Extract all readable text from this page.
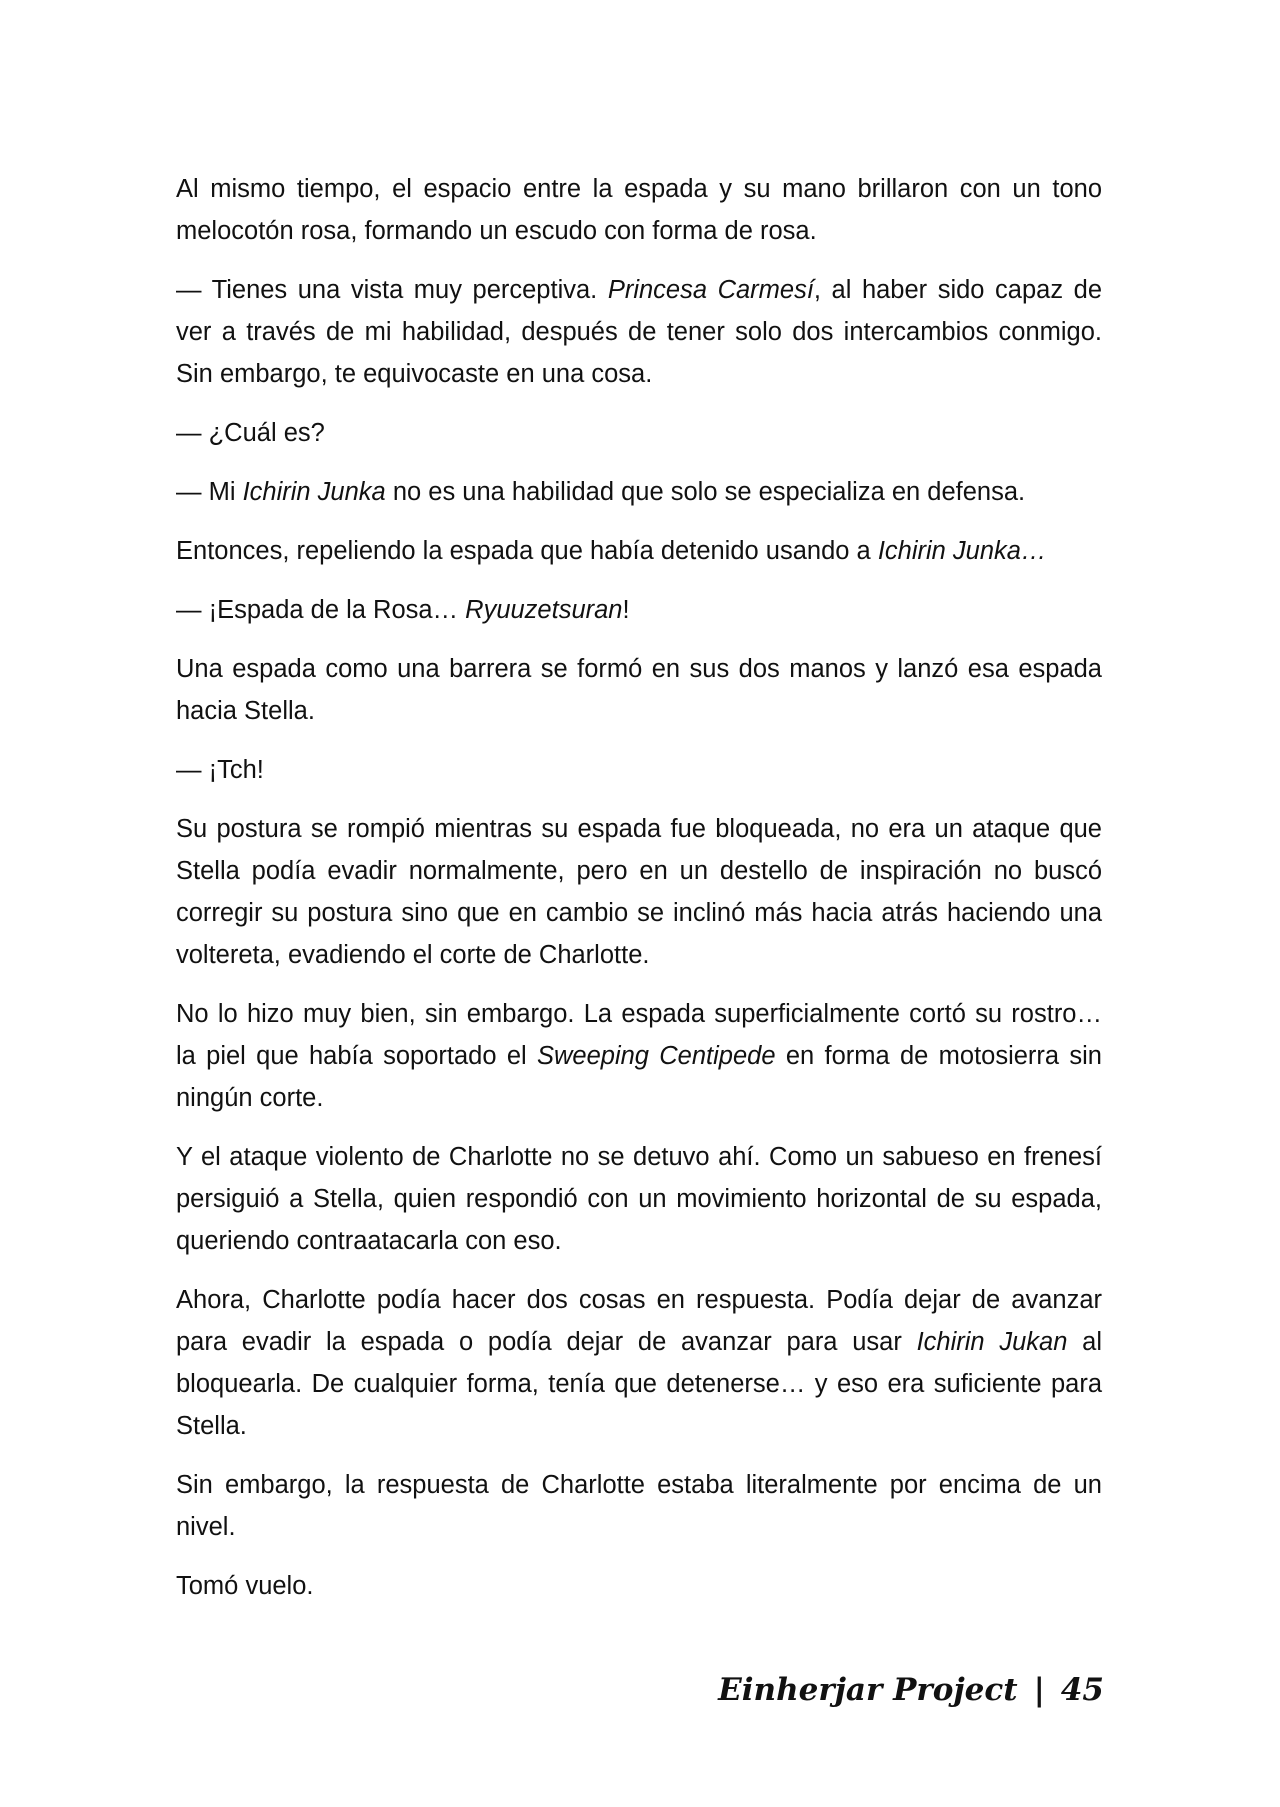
Al mismo tiempo, el espacio entre la espada y su mano brillaron con un tono melocotón rosa, formando un escudo con forma de rosa.

— Tienes una vista muy perceptiva. Princesa Carmesí, al haber sido capaz de ver a través de mi habilidad, después de tener solo dos intercambios conmigo. Sin embargo, te equivocaste en una cosa.

— ¿Cuál es?

— Mi Ichirin Junka no es una habilidad que solo se especializa en defensa.

Entonces, repeliendo la espada que había detenido usando a Ichirin Junka…

— ¡Espada de la Rosa… Ryuuzetsuran!

Una espada como una barrera se formó en sus dos manos y lanzó esa espada hacia Stella.

— ¡Tch!

Su postura se rompió mientras su espada fue bloqueada, no era un ataque que Stella podía evadir normalmente, pero en un destello de inspiración no buscó corregir su postura sino que en cambio se inclinó más hacia atrás haciendo una voltereta, evadiendo el corte de Charlotte.

No lo hizo muy bien, sin embargo. La espada superficialmente cortó su rostro… la piel que había soportado el Sweeping Centipede en forma de motosierra sin ningún corte.

Y el ataque violento de Charlotte no se detuvo ahí. Como un sabueso en frenesí persiguió a Stella, quien respondió con un movimiento horizontal de su espada, queriendo contraatacarla con eso.

Ahora, Charlotte podía hacer dos cosas en respuesta. Podía dejar de avanzar para evadir la espada o podía dejar de avanzar para usar Ichirin Jukan al bloquearla. De cualquier forma, tenía que detenerse… y eso era suficiente para Stella.

Sin embargo, la respuesta de Charlotte estaba literalmente por encima de un nivel.

Tomó vuelo.

Einherjar Project | 45
